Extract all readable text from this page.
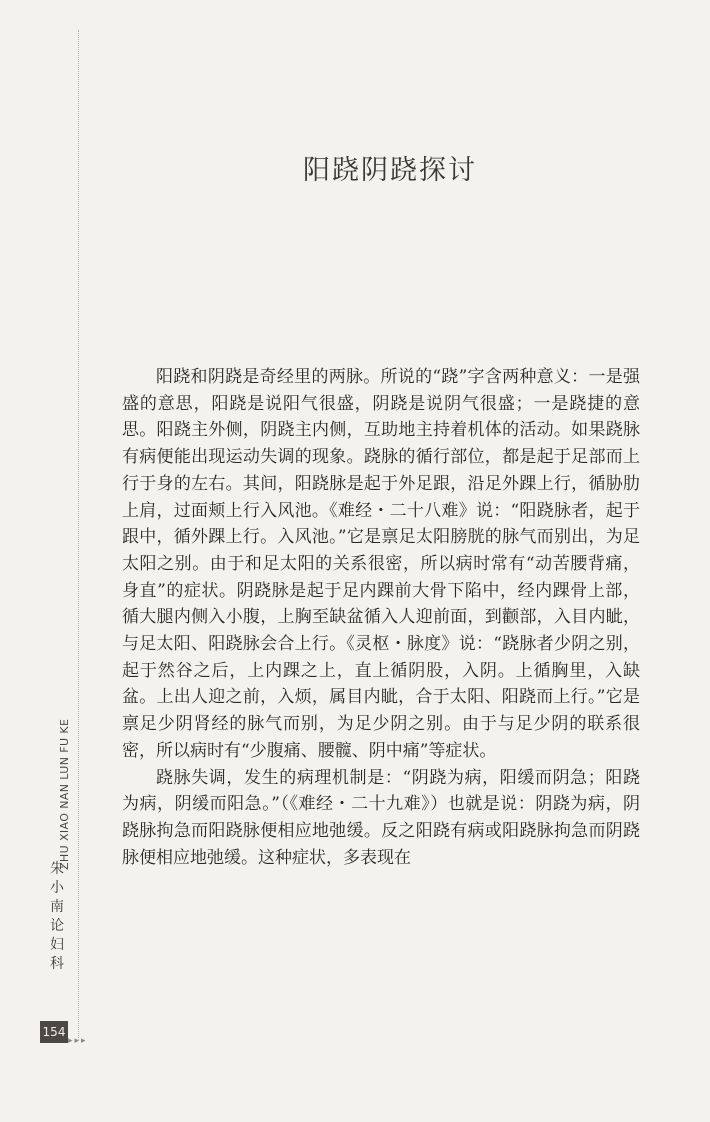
阳跷阴跷探讨

阳跷和阴跷是奇经里的两脉。所说的“跷”字含两种意义：一是强盛的意思，阳跷是说阳气很盛，阴跷是说阴气很盛；一是跷捷的意思。阳跷主外侧，阴跷主内侧，互助地主持着机体的活动。如果跷脉有病便能出现运动失调的现象。跷脉的循行部位，都是起于足部而上行于身的左右。其间，阳跷脉是起于外足跟，沿足外踝上行，循胁肋上肩，过面颊上行入风池。《难经・二十八难》说：“阳跷脉者，起于跟中，循外踝上行。入风池。”它是禀足太阳膀胱的脉气而别出，为足太阳之别。由于和足太阳的关系很密，所以病时常有“动苦腰背痛，身直”的症状。阴跷脉是起于足内踝前大骨下陷中，经内踝骨上部，循大腿内侧入小腹，上胸至缺盆循入人迎前面，到颧部，入目内眦，与足太阳、阳跷脉会合上行。《灵枢・脉度》说：“跷脉者少阴之别，起于然谷之后，上内踝之上，直上循阴股，入阴。上循胸里，入缺盆。上出人迎之前，入烦，属目内眦，合于太阳、阳跷而上行。”它是禀足少阴肾经的脉气而别，为足少阴之别。由于与足少阴的联系很密，所以病时有“少腹痛、腰髋、阴中痛”等症状。

跷脉失调，发生的病理机制是：“阴跷为病，阳缓而阴急；阳跷为病，阴缓而阳急。”（《难经・二十九难》）也就是说：阴跷为病，阴跷脉拘急而阳跷脉便相应地弛缓。反之阳跷有病或阳跷脉拘急而阴跷脉便相应地弛缓。这种症状，多表现在

ZHU XIAO NAN LUN FU KE
朱
小
南
论
妇
科
154
▸▸▸
